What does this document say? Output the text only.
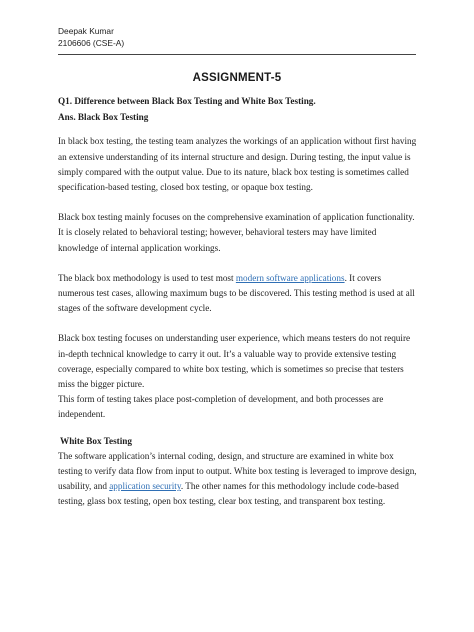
Deepak Kumar
2106606 (CSE-A)
ASSIGNMENT-5

Q1. Difference between Black Box Testing and White Box Testing.

Ans. Black Box Testing

In black box testing, the testing team analyzes the workings of an application without first having an extensive understanding of its internal structure and design. During testing, the input value is simply compared with the output value. Due to its nature, black box testing is sometimes called specification-based testing, closed box testing, or opaque box testing.

Black box testing mainly focuses on the comprehensive examination of application functionality. It is closely related to behavioral testing; however, behavioral testers may have limited knowledge of internal application workings.

The black box methodology is used to test most modern software applications. It covers numerous test cases, allowing maximum bugs to be discovered. This testing method is used at all stages of the software development cycle.

Black box testing focuses on understanding user experience, which means testers do not require in-depth technical knowledge to carry it out. It’s a valuable way to provide extensive testing coverage, especially compared to white box testing, which is sometimes so precise that testers miss the bigger picture.

This form of testing takes place post-completion of development, and both processes are independent.

White Box Testing

The software application’s internal coding, design, and structure are examined in white box testing to verify data flow from input to output. White box testing is leveraged to improve design, usability, and application security. The other names for this methodology include code-based testing, glass box testing, open box testing, clear box testing, and transparent box testing.
